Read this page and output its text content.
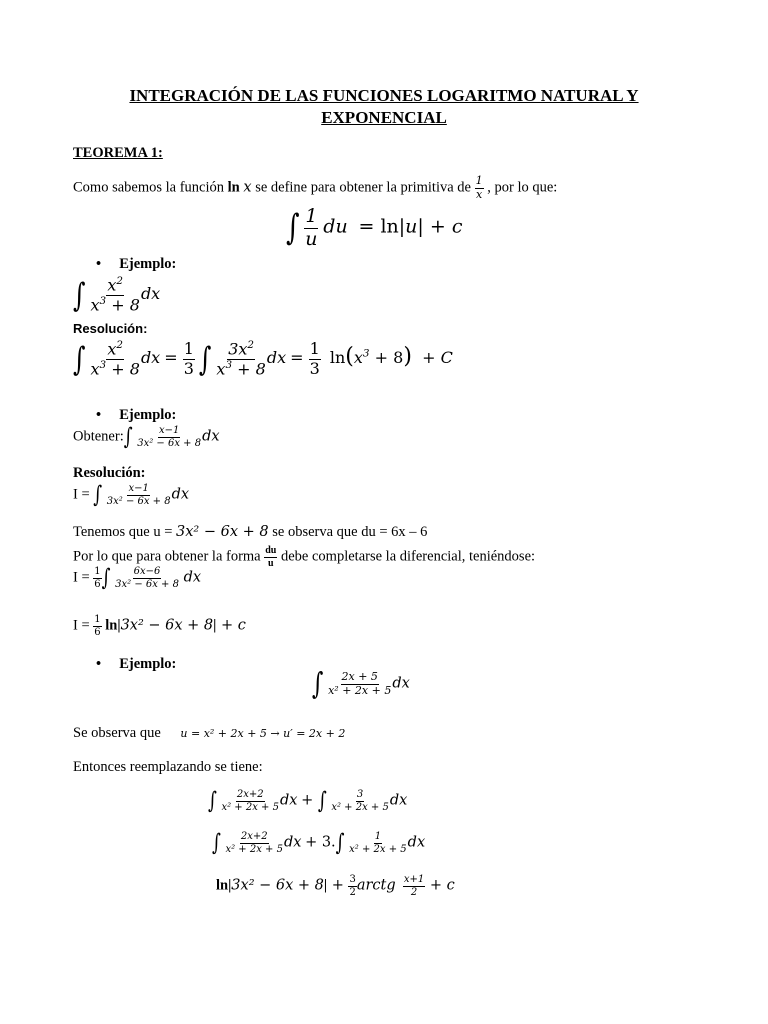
INTEGRACIÓN DE LAS FUNCIONES LOGARITMO NATURAL Y
EXPONENCIAL
TEOREMA 1:
Como sabemos la función ln x se define para obtener la primitiva de $\frac{1}{x}$ , por lo que:
∫ $\frac{1}{u}$ du  = ln|u| + c
•     Ejemplo:
∫ $\frac{x^2}{x^3 + 8}$ dx
Resolución:
∫ $\frac{x^2}{x^3 + 8}$ dx = $\frac{1}{3}$ ∫ $\frac{3x^2}{x^3 + 8}$ dx = $\frac{1}{3} \ln(x^3 + 8) + C$
•     Ejemplo:
Obtener:∫ $\frac{x-1}{\text{3x² − 6x + 8}}$ dx
Resolución:
I = ∫ $\frac{x-1}{\text{3x² − 6x + 8}}$ dx
Tenemos que u = 3x² − 6x + 8 se observa que du = 6x – 6
Por lo que para obtener la forma $\frac{du}{u}$ debe completarse la diferencial, teniéndose:
$I = \frac{1}{6}$ ∫ $\frac{6x-6}{\text{3x² − 6x + 8}}$ dx
$I = \frac{1}{6} \ln|3x^2 - 6x + 8| + c$
•     Ejemplo:
∫ $\frac{2x + 5}{\text{x² + 2x + 5}}$ dx
Se observa que u = x² + 2x + 5 → u′ = 2x + 2
Entonces reemplazando se tiene:
∫ $\frac{2x+2}{\text{x² + 2x + 5}}$ dx + ∫ $\frac{3}{\text{x² + 2x + 5}}$ dx
∫ $\frac{2x+2}{\text{x² + 2x + 5}}$ dx + $3.\int \frac{1}{\text{x² + 2x + 5}}$ dx
$\ln|3x^2 - 6x + 8| + \frac{3}{2}$ arctg $\frac{x+1}{2} + c$
